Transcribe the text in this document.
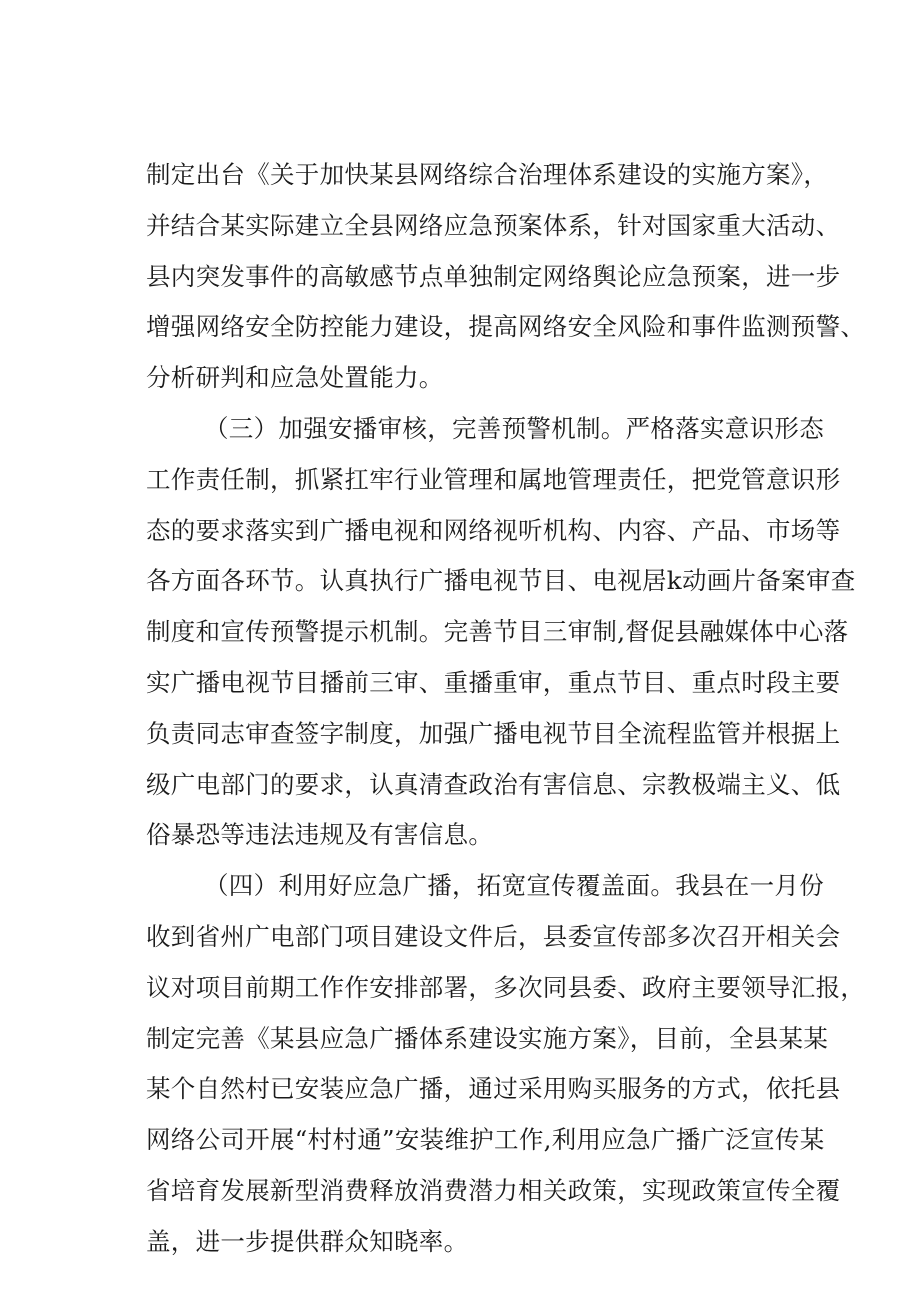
制定出台《关于加快某县网络综合治理体系建设的实施方案》，
并结合某实际建立全县网络应急预案体系，针对国家重大活动、
县内突发事件的高敏感节点单独制定网络舆论应急预案，进一步
增强网络安全防控能力建设，提高网络安全风险和事件监测预警、
分析研判和应急处置能力。
（三）加强安播审核，完善预警机制。严格落实意识形态
工作责任制，抓紧扛牢行业管理和属地管理责任，把党管意识形
态的要求落实到广播电视和网络视听机构、内容、产品、市场等
各方面各环节。认真执行广播电视节目、电视居k动画片备案审查
制度和宣传预警提示机制。完善节目三审制,督促县融媒体中心落
实广播电视节目播前三审、重播重审，重点节目、重点时段主要
负责同志审查签字制度，加强广播电视节目全流程监管并根据上
级广电部门的要求，认真清查政治有害信息、宗教极端主义、低
俗暴恐等违法违规及有害信息。
（四）利用好应急广播，拓宽宣传覆盖面。我县在一月份
收到省州广电部门项目建设文件后，县委宣传部多次召开相关会
议对项目前期工作作安排部署，多次同县委、政府主要领导汇报，
制定完善《某县应急广播体系建设实施方案》，目前，全县某某
某个自然村已安装应急广播，通过采用购买服务的方式，依托县
网络公司开展“村村通”安装维护工作,利用应急广播广泛宣传某
省培育发展新型消费释放消费潜力相关政策，实现政策宣传全覆
盖，进一步提供群众知晓率。
